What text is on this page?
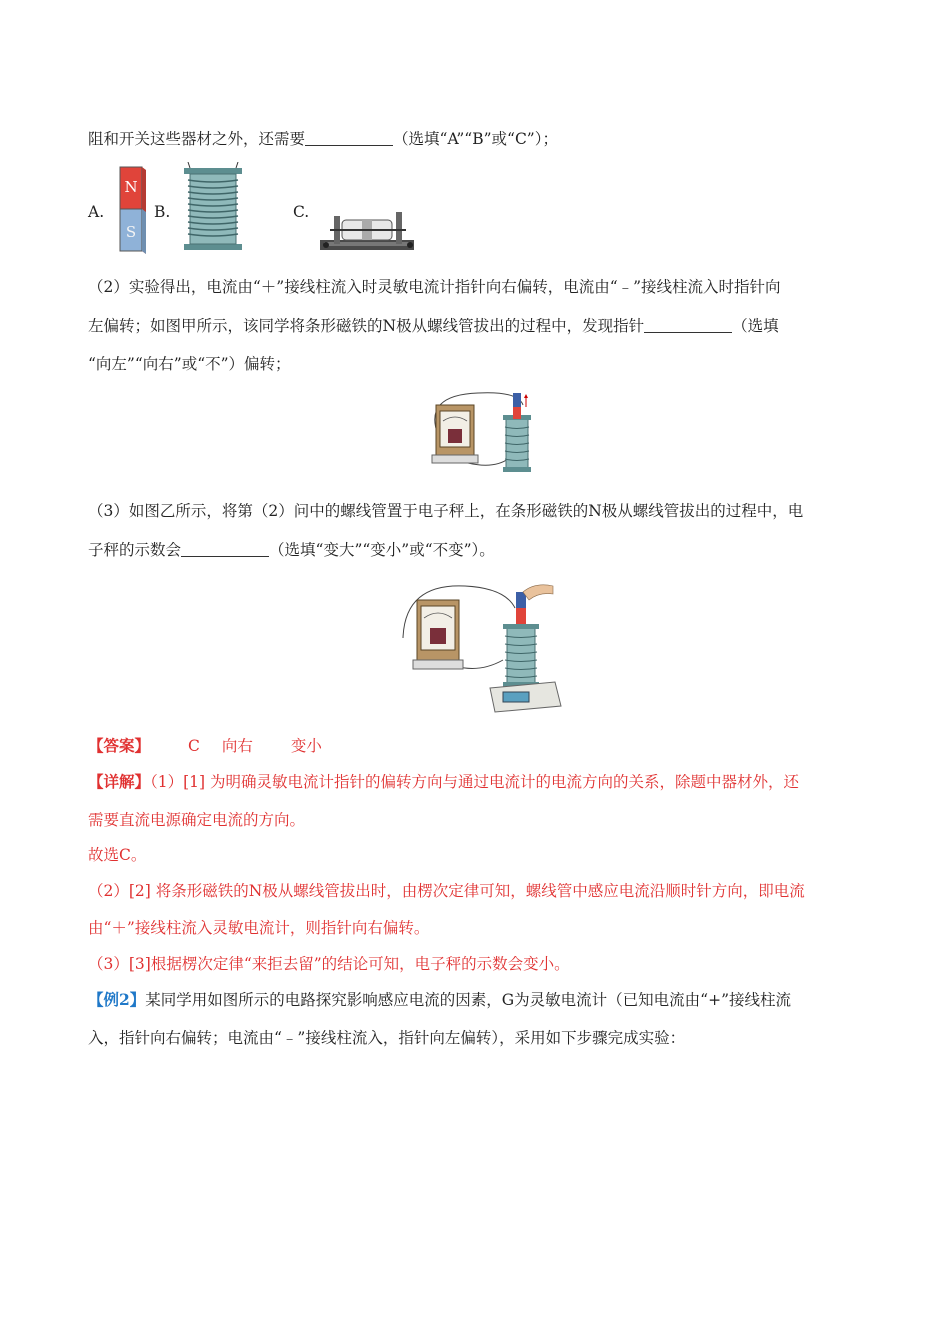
阻和开关这些器材之外，还需要	（选填“A”“B”或“C”）；
A.
N
S
B.	C.
（2）实验得出，电流由“＋”接线柱流入时灵敏电流计指针向右偏转，电流由“﹣”接线柱流入时指针向
左偏转；如图甲所示，该同学将条形磁铁的N极从螺线管拔出的过程中，发现指针	（选填
“向左”“向右”或“不”）偏转；
（3）如图乙所示，将第（2）问中的螺线管置于电子秤上，在条形磁铁的N极从螺线管拔出的过程中，电
子秤的示数会	（选填“变大”“变小”或“不变”）。
【答案】 C 向右 变小
【详解】（1）[1] 为明确灵敏电流计指针的偏转方向与通过电流计的电流方向的关系，除题中器材外，还
需要直流电源确定电流的方向。
故选C。
（2）[2] 将条形磁铁的N极从螺线管拔出时，由楞次定律可知，螺线管中感应电流沿顺时针方向，即电流
由“＋”接线柱流入灵敏电流计，则指针向右偏转。
（3）[3]根据楞次定律“来拒去留”的结论可知，电子秤的示数会变小。
【例2】某同学用如图所示的电路探究影响感应电流的因素，G为灵敏电流计（已知电流由“+”接线柱流
入，指针向右偏转；电流由“﹣”接线柱流入，指针向左偏转），采用如下步骤完成实验：
